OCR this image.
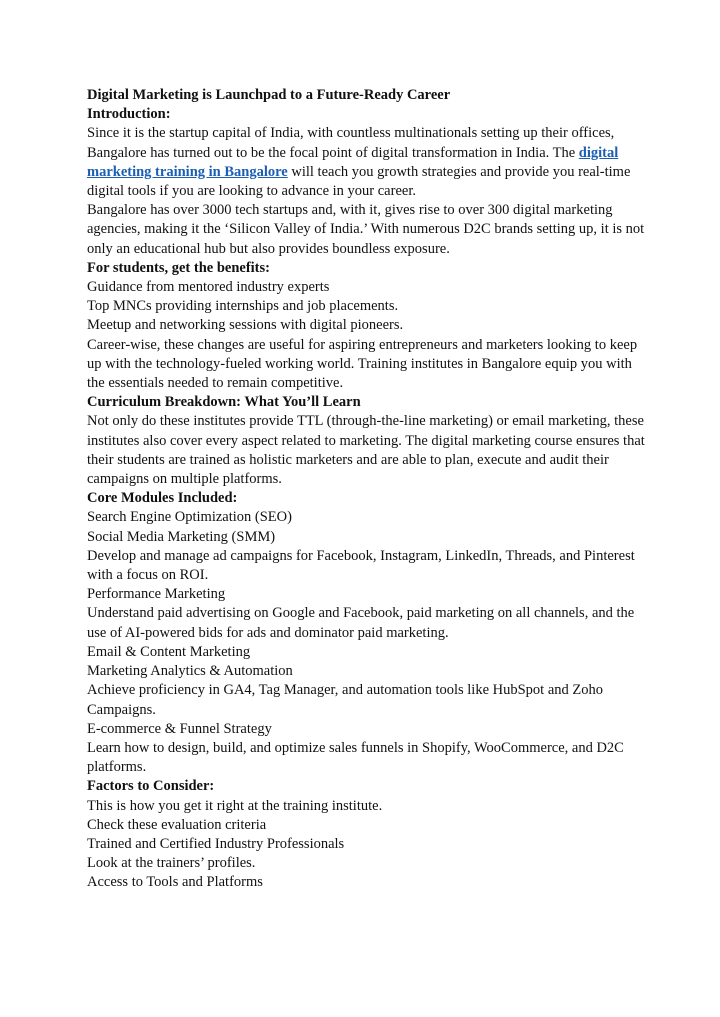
Digital Marketing is Launchpad to a Future-Ready Career

Introduction:

Since it is the startup capital of India, with countless multinationals setting up their offices, Bangalore has turned out to be the focal point of digital transformation in India. The digital marketing training in Bangalore will teach you growth strategies and provide you real-time digital tools if you are looking to advance in your career.

Bangalore has over 3000 tech startups and, with it, gives rise to over 300 digital marketing agencies, making it the ‘Silicon Valley of India.’ With numerous D2C brands setting up, it is not only an educational hub but also provides boundless exposure.

For students, get the benefits:

Guidance from mentored industry experts

Top MNCs providing internships and job placements.

Meetup and networking sessions with digital pioneers.

Career-wise, these changes are useful for aspiring entrepreneurs and marketers looking to keep up with the technology-fueled working world. Training institutes in Bangalore equip you with the essentials needed to remain competitive.

Curriculum Breakdown: What You’ll Learn

Not only do these institutes provide TTL (through-the-line marketing) or email marketing, these institutes also cover every aspect related to marketing. The digital marketing course ensures that their students are trained as holistic marketers and are able to plan, execute and audit their campaigns on multiple platforms.

Core Modules Included:

Search Engine Optimization (SEO)

Social Media Marketing (SMM)

Develop and manage ad campaigns for Facebook, Instagram, LinkedIn, Threads, and Pinterest with a focus on ROI.

Performance Marketing

Understand paid advertising on Google and Facebook, paid marketing on all channels, and the use of AI-powered bids for ads and dominator paid marketing.

Email & Content Marketing

Marketing Analytics & Automation

Achieve proficiency in GA4, Tag Manager, and automation tools like HubSpot and Zoho Campaigns.

E-commerce & Funnel Strategy

Learn how to design, build, and optimize sales funnels in Shopify, WooCommerce, and D2C platforms.

Factors to Consider:

This is how you get it right at the training institute.

Check these evaluation criteria

Trained and Certified Industry Professionals

Look at the trainers’ profiles.

Access to Tools and Platforms
